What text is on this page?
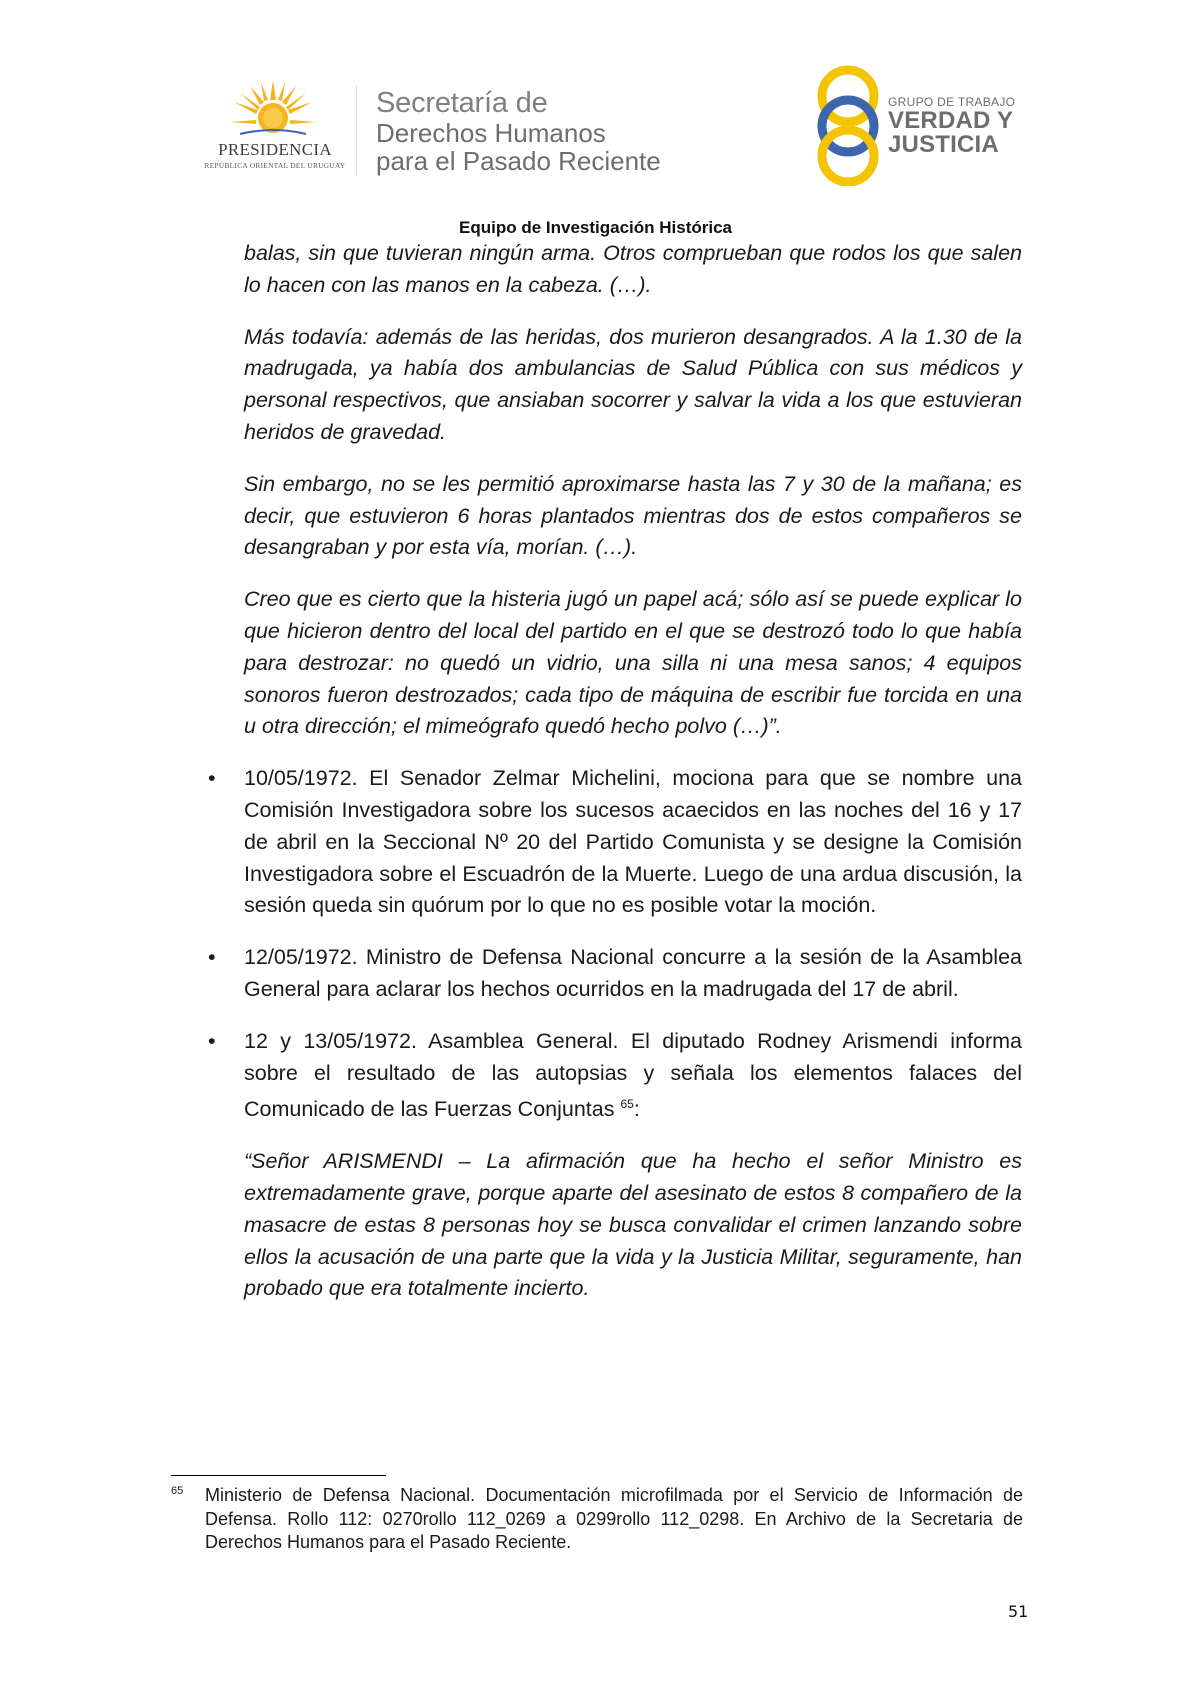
PRESIDENCIA
REPÚBLICA ORIENTAL DEL URUGUAY
Secretaría de
Derechos Humanos
para el Pasado Reciente
GRUPO DE TRABAJO
VERDAD Y
JUSTICIA
Equipo de Investigación Histórica

balas, sin que tuvieran ningún arma. Otros comprueban que rodos los que salen lo hacen con las manos en la cabeza. (…).

Más todavía: además de las heridas, dos murieron desangrados. A la 1.30 de la madrugada, ya había dos ambulancias de Salud Pública con sus médicos y personal respectivos, que ansiaban socorrer y salvar la vida a los que estuvieran heridos de gravedad.

Sin embargo, no se les permitió aproximarse hasta las 7 y 30 de la mañana; es decir, que estuvieron 6 horas plantados mientras dos de estos compañeros se desangraban y por esta vía, morían. (…).

Creo que es cierto que la histeria jugó un papel acá; sólo así se puede explicar lo que hicieron dentro del local del partido en el que se destrozó todo lo que había para destrozar: no quedó un vidrio, una silla ni una mesa sanos; 4 equipos sonoros fueron destrozados; cada tipo de máquina de escribir fue torcida en una u otra dirección; el mimeógrafo quedó hecho polvo (…)”.

• 10/05/1972. El Senador Zelmar Michelini, mociona para que se nombre una Comisión Investigadora sobre los sucesos acaecidos en las noches del 16 y 17 de abril en la Seccional Nº 20 del Partido Comunista y se designe la Comisión Investigadora sobre el Escuadrón de la Muerte. Luego de una ardua discusión, la sesión queda sin quórum por lo que no es posible votar la moción.

• 12/05/1972. Ministro de Defensa Nacional concurre a la sesión de la Asamblea General para aclarar los hechos ocurridos en la madrugada del 17 de abril.

• 12 y 13/05/1972. Asamblea General. El diputado Rodney Arismendi informa sobre el resultado de las autopsias y señala los elementos falaces del Comunicado de las Fuerzas Conjuntas $^{65}$:

“Señor ARISMENDI – La afirmación que ha hecho el señor Ministro es extremadamente grave, porque aparte del asesinato de estos 8 compañero de la masacre de estas 8 personas hoy se busca convalidar el crimen lanzando sobre ellos la acusación de una parte que la vida y la Justicia Militar, seguramente, han probado que era totalmente incierto.

65 Ministerio de Defensa Nacional. Documentación microfilmada por el Servicio de Información de Defensa. Rollo 112: 0270rollo 112_0269 a 0299rollo 112_0298. En Archivo de la Secretaria de Derechos Humanos para el Pasado Reciente.
51
